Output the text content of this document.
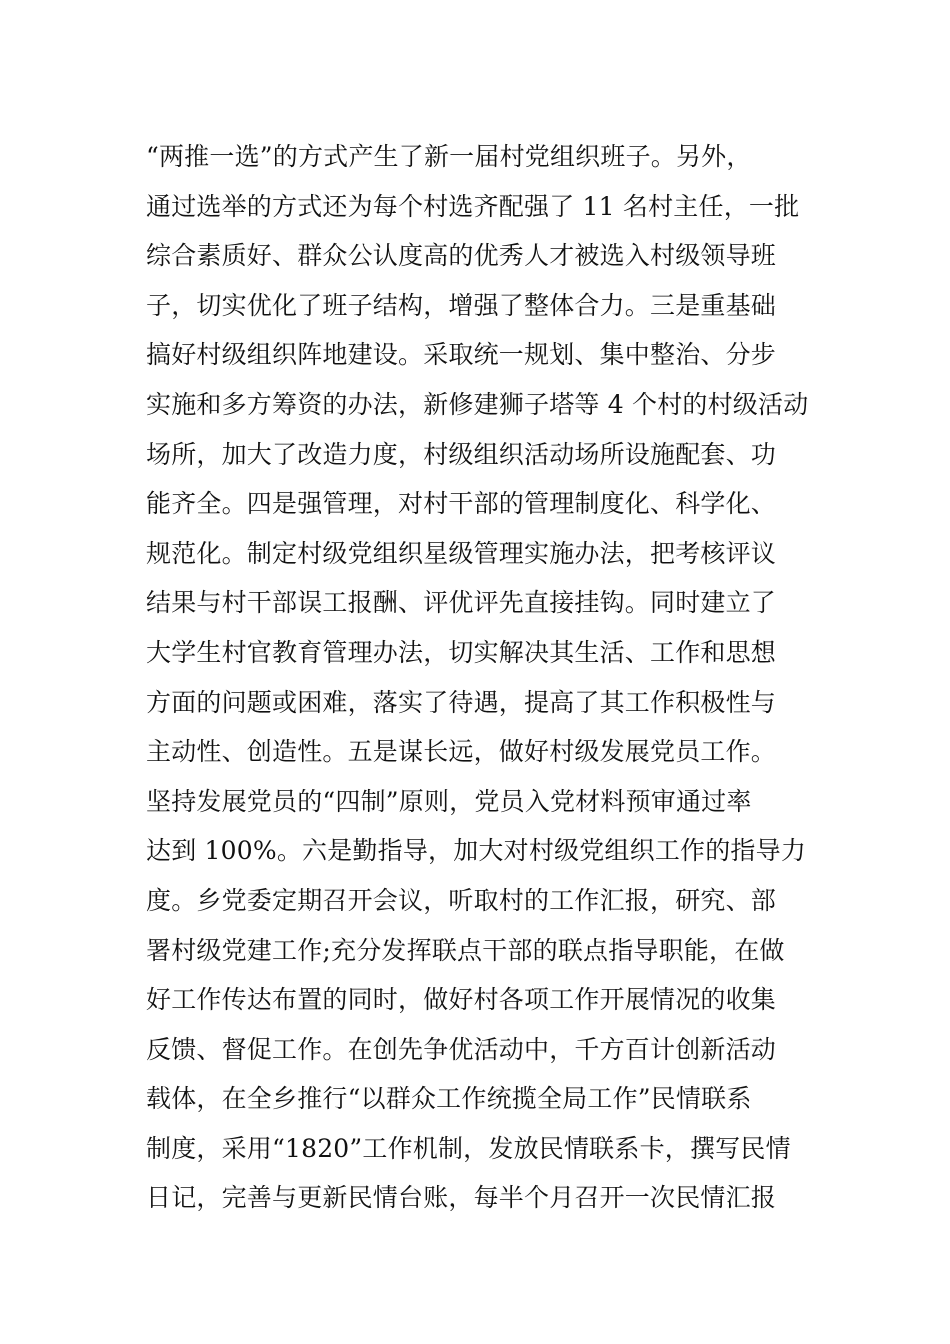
“两推一选”的方式产生了新一届村党组织班子。另外，
通过选举的方式还为每个村选齐配强了 11 名村主任，一批
综合素质好、群众公认度高的优秀人才被选入村级领导班
子，切实优化了班子结构，增强了整体合力。三是重基础
搞好村级组织阵地建设。采取统一规划、集中整治、分步
实施和多方筹资的办法，新修建狮子塔等 4 个村的村级活动
场所，加大了改造力度，村级组织活动场所设施配套、功
能齐全。四是强管理，对村干部的管理制度化、科学化、
规范化。制定村级党组织星级管理实施办法，把考核评议
结果与村干部误工报酬、评优评先直接挂钩。同时建立了
大学生村官教育管理办法，切实解决其生活、工作和思想
方面的问题或困难，落实了待遇，提高了其工作积极性与
主动性、创造性。五是谋长远，做好村级发展党员工作。
坚持发展党员的“四制”原则，党员入党材料预审通过率
达到 100%。六是勤指导，加大对村级党组织工作的指导力
度。乡党委定期召开会议，听取村的工作汇报，研究、部
署村级党建工作;充分发挥联点干部的联点指导职能，在做
好工作传达布置的同时，做好村各项工作开展情况的收集
反馈、督促工作。在创先争优活动中，千方百计创新活动
载体，在全乡推行“以群众工作统揽全局工作”民情联系
制度，采用“1820”工作机制，发放民情联系卡，撰写民情
日记，完善与更新民情台账，每半个月召开一次民情汇报
